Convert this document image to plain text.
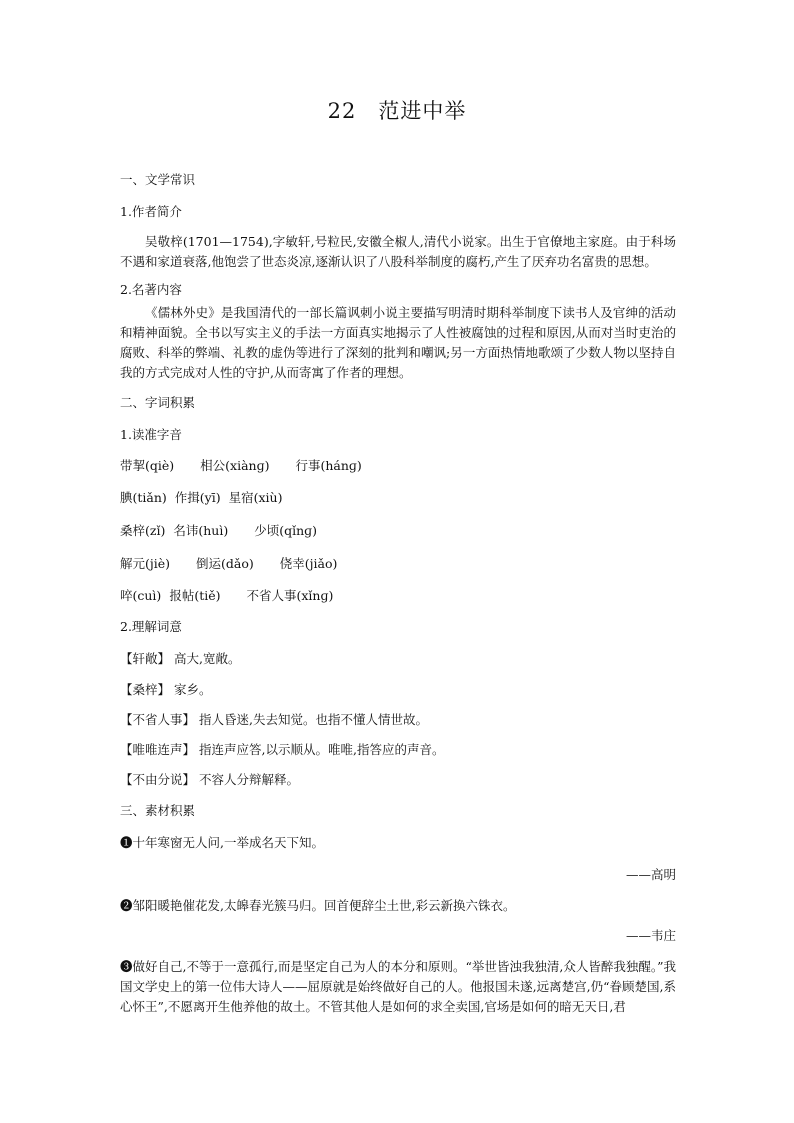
22　范进中举
一、文学常识
1.作者简介
吴敬梓(1701—1754),字敏轩,号粒民,安徽全椒人,清代小说家。出生于官僚地主家庭。由于科场不遇和家道衰落,他饱尝了世态炎凉,逐渐认识了八股科举制度的腐朽,产生了厌弃功名富贵的思想。
2.名著内容
《儒林外史》是我国清代的一部长篇讽刺小说主要描写明清时期科举制度下读书人及官绅的活动和精神面貌。全书以写实主义的手法一方面真实地揭示了人性被腐蚀的过程和原因,从而对当时吏治的腐败、科举的弊端、礼教的虚伪等进行了深刻的批判和嘲讽;另一方面热情地歌颂了少数人物以坚持自我的方式完成对人性的守护,从而寄寓了作者的理想。
二、字词积累
1.读准字音
带挈(qiè) 相公(xiànɡ) 行事(hánɡ)
腆(tiǎn) 作揖(yī) 星宿(xiù)
桑梓(zǐ) 名讳(huì) 少顷(qǐnɡ)
解元(jiè) 倒运(dǎo) 侥幸(jiǎo)
啐(cuì) 报帖(tiě) 不省人事(xǐnɡ)
2.理解词意
【轩敞】 高大,宽敞。
【桑梓】 家乡。
【不省人事】 指人昏迷,失去知觉。也指不懂人情世故。
【唯唯连声】 指连声应答,以示顺从。唯唯,指答应的声音。
【不由分说】 不容人分辩解释。
三、素材积累
❶十年寒窗无人问,一举成名天下知。
——高明
❷邹阳暖艳催花发,太皞春光簇马归。回首便辞尘土世,彩云新换六铢衣。
——韦庄
❸做好自己,不等于一意孤行,而是坚定自己为人的本分和原则。“举世皆浊我独清,众人皆醉我独醒。”我国文学史上的第一位伟大诗人——屈原就是始终做好自己的人。他报国未遂,远离楚宫,仍“眷顾楚国,系心怀王”,不愿离开生他养他的故土。不管其他人是如何的求全卖国,官场是如何的暗无天日,君
